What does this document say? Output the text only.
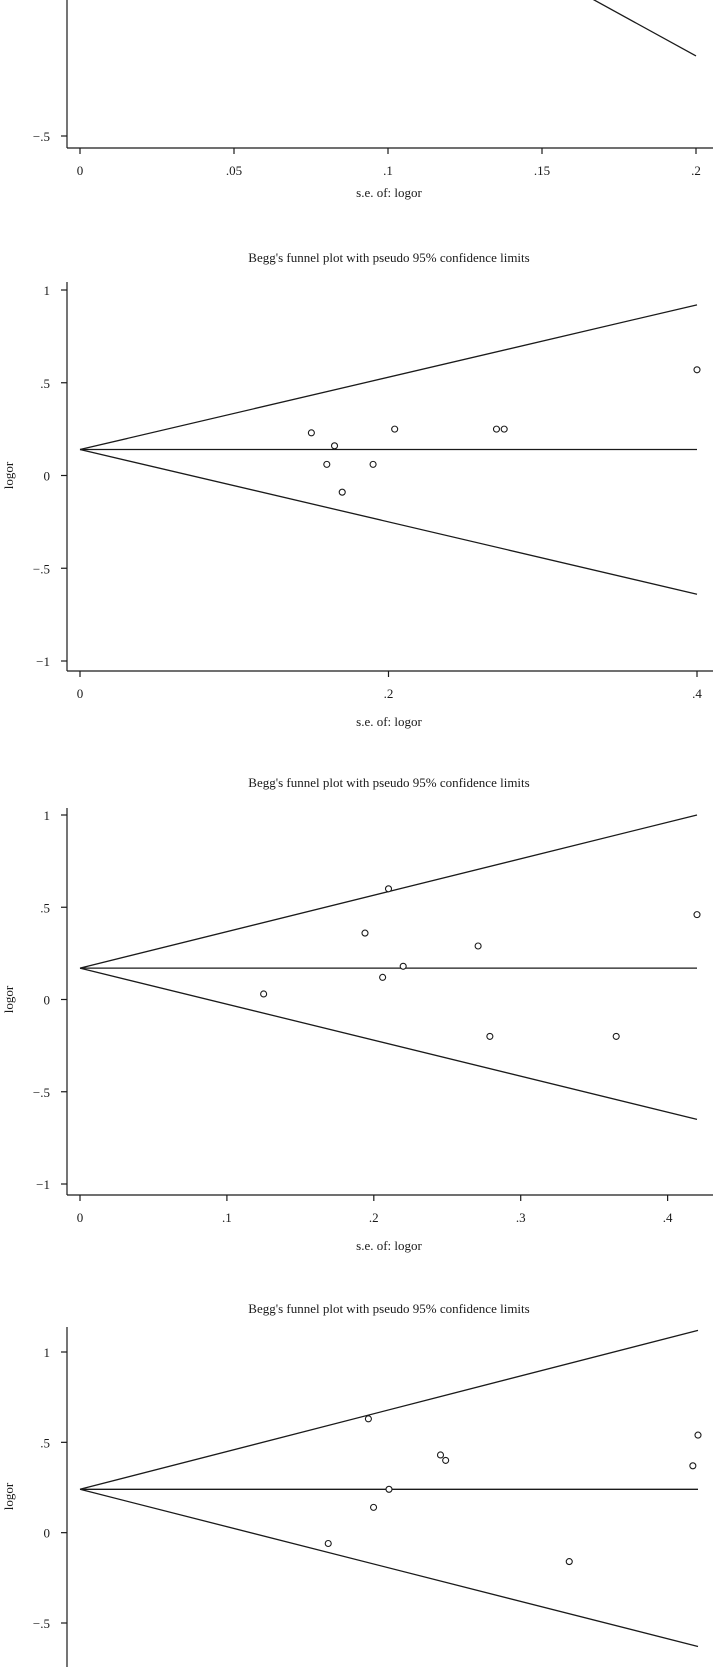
−.5
0	.05	.1	.15	.2
s.e. of: logor
Begg's funnel plot with pseudo 95% confidence limits
1
.5
0
−.5
−1
0	.2	.4
s.e. of: logor
logor
Begg's funnel plot with pseudo 95% confidence limits
1
.5
0
−.5
−1
0	.1	.2	.3	.4
s.e. of: logor
logor
Begg's funnel plot with pseudo 95% confidence limits
1
.5
0
−.5
logor
